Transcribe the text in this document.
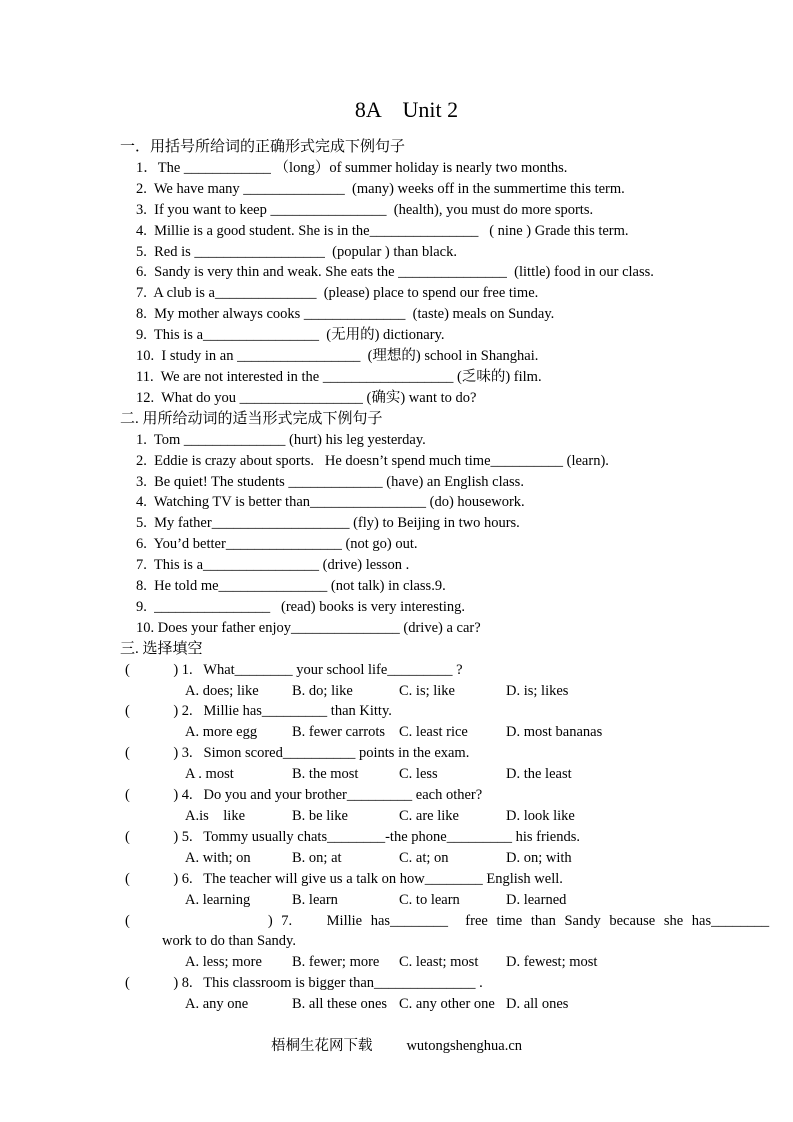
8A    Unit 2
一．用括号所给词的正确形式完成下例句子
1．The ____________ （long）of summer holiday is nearly two months.
2.  We have many ______________  (many) weeks off in the summertime this term.
3.  If you want to keep ________________  (health), you must do more sports.
4.  Millie is a good student. She is in the_______________   ( nine ) Grade this term.
5.  Red is __________________  (popular ) than black.
6.  Sandy is very thin and weak. She eats the _______________  (little) food in our class.
7.  A club is a______________  (please) place to spend our free time.
8.  My mother always cooks ______________  (taste) meals on Sunday.
9.  This is a________________  (无用的) dictionary.
10.  I study in an _________________  (理想的) school in Shanghai.
11.  We are not interested in the __________________ (乏味的) film.
12.  What do you _________________ (确实) want to do?
二. 用所给动词的适当形式完成下例句子
1.  Tom ______________ (hurt) his leg yesterday.
2.  Eddie is crazy about sports.   He doesn’t spend much time__________ (learn).
3.  Be quiet! The students _____________ (have) an English class.
4.  Watching TV is better than________________ (do) housework.
5.  My father___________________ (fly) to Beijing in two hours.
6.  You’d better________________ (not go) out.
7.  This is a________________ (drive) lesson .
8.  He told me_______________ (not talk) in class.9.
9.  ________________   (read) books is very interesting.
10. Does your father enjoy_______________ (drive) a car?
三. 选择填空
(            ) 1.   What________ your school life_________ ?
A. does; like B. do; like	C. is; like	D. is; likes
(            ) 2.   Millie has_________ than Kitty.
A. more egg B. fewer carrots C. least rice	D. most bananas
(            ) 3.   Simon scored__________ points in the exam.
A . most	B. the most	C. less	D. the least
(            ) 4.   Do you and your brother_________ each other?
A.is    like	B. be like	C. are like	D. look like
(            ) 5.   Tommy usually chats________-the phone_________ his friends.
A. with; on	B. on; at	C. at; on	D. on; with
(            ) 6.   The teacher will give us a talk on how________ English well.
A. learning	B. learn	C. to learn	D. learned
(                ) 7.    Millie has________  free time than Sandy because she has________
work to do than Sandy.
A. less; more B. fewer; more C. least; most D. fewest; most
(            ) 8.   This classroom is bigger than______________ .
A. any one	B. all these ones C. any other one D. all ones
梧桐生花网下载 wutongshenghua.cn
